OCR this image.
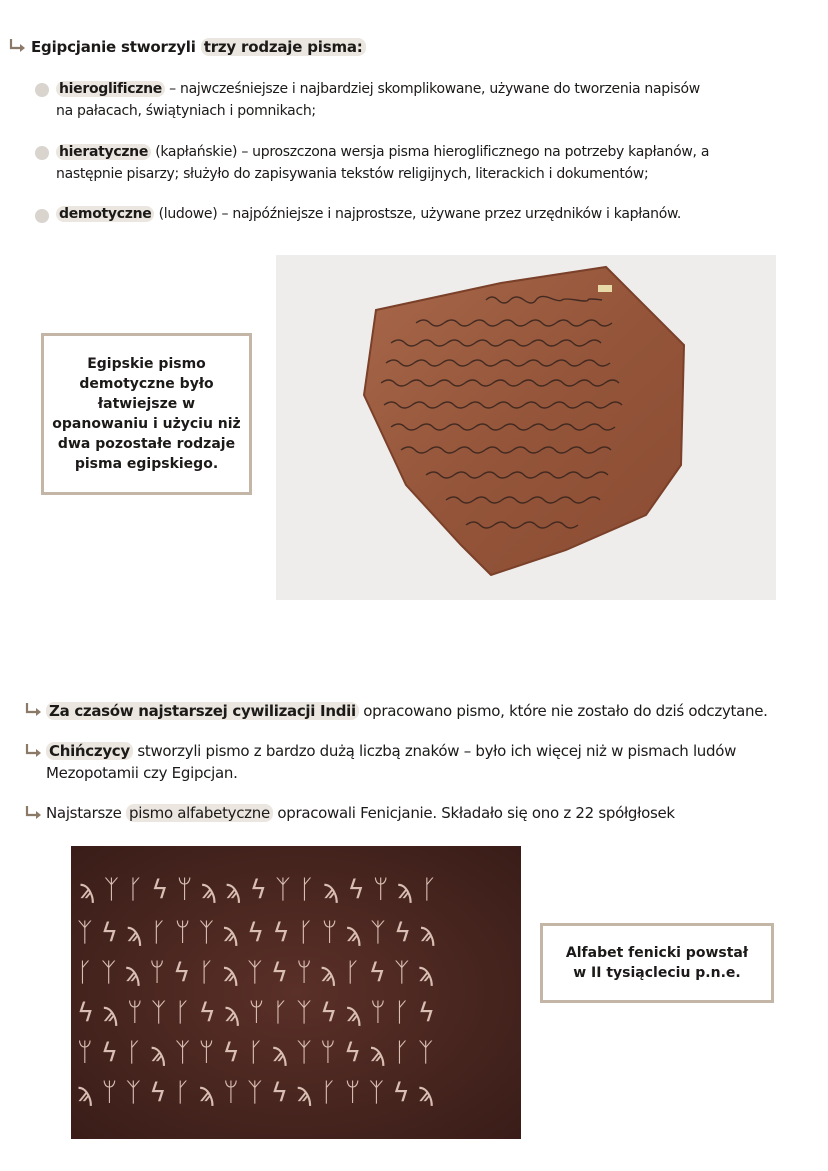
Egipcjanie stworzyli trzy rodzaje pisma:
hieroglificzne – najwcześniejsze i najbardziej skomplikowane, używane do tworzenia napisów
na pałacach, świątyniach i pomnikach;
hieratyczne (kapłańskie) – uproszczona wersja pisma hieroglificznego na potrzeby kapłanów, a
następnie pisarzy; służyło do zapisywania tekstów religijnych, literackich i dokumentów;
demotyczne (ludowe) – najpóźniejsze i najprostsze, używane przez urzędników i kapłanów.
Egipskie pismo
demotyczne było
łatwiejsze w
opanowaniu i użyciu niż
dwa pozostałe rodzaje
pisma egipskiego.
Za czasów najstarszej cywilizacji Indii opracowano pismo, które nie zostało do dziś odczytane.
Chińczycy stworzyli pismo z bardzo dużą liczbą znaków – było ich więcej niż w pismach ludów
Mezopotamii czy Egipcjan.
Najstarsze pismo alfabetyczne opracowali Fenicjanie. Składało się ono z 22 spółgłosek
ϡ ᛉ ᚴ ϟ ᛘ ϡ ϡ ϟ ᛉ ᚴ ϡ ϟ ᛘ ϡ ᚴ
ᛉ ϟ ϡ ᚴ ᛘ ᛉ ϡ ϟ ϟ ᚴ ᛘ ϡ ᛉ ϟ ϡ
ᚴ ᛉ ϡ ᛘ ϟ ᚴ ϡ ᛉ ϟ ᛘ ϡ ᚴ ϟ ᛉ ϡ
ϟ ϡ ᛘ ᛉ ᚴ ϟ ϡ ᛘ ᚴ ᛉ ϟ ϡ ᛘ ᚴ ϟ
ᛘ ϟ ᚴ ϡ ᛉ ᛘ ϟ ᚴ ϡ ᛉ ᛘ ϟ ϡ ᚴ ᛉ
ϡ ᛘ ᛉ ϟ ᚴ ϡ ᛘ ᛉ ϟ ϡ ᚴ ᛘ ᛉ ϟ ϡ
Alfabet fenicki powstał
w II tysiącleciu p.n.e.
